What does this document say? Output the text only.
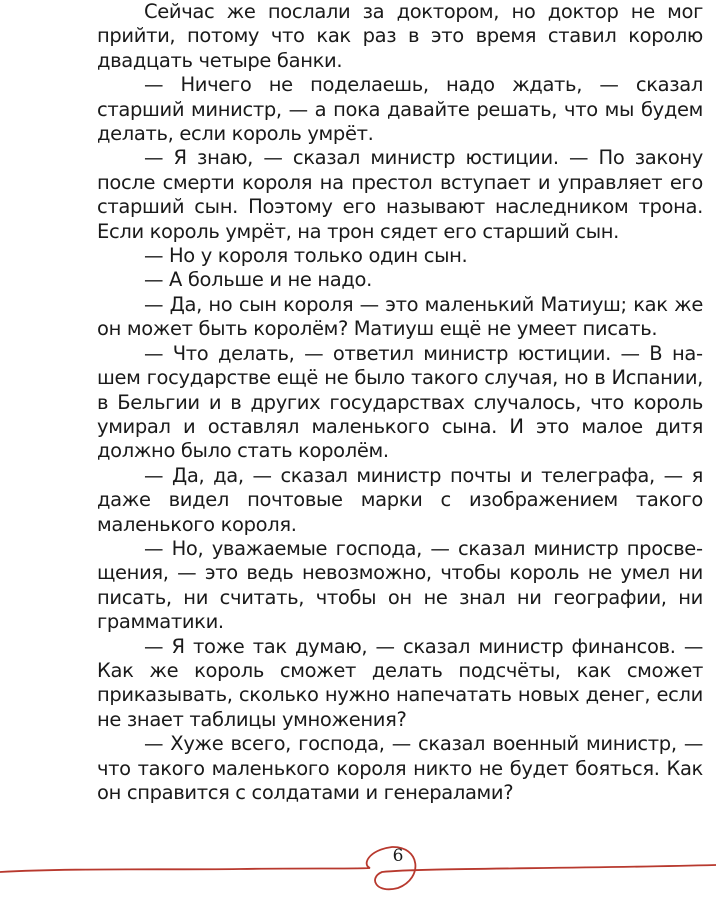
Сейчас же послали за доктором, но доктор не мог прийти, потому что как раз в это время ставил королю двадцать четыре банки.

— Ничего не поделаешь, надо ждать, — сказал старший министр, — а пока давайте решать, что мы будем делать, если король умрёт.

— Я знаю, — сказал министр юстиции. — По закону после смерти короля на престол вступает и управляет его старший сын. Поэтому его называют наследником трона. Если король умрёт, на трон сядет его старший сын.

— Но у короля только один сын.

— А больше и не надо.

— Да, но сын короля — это маленький Матиуш; как же он может быть королём? Матиуш ещё не умеет писать.

— Что делать, — ответил министр юстиции. — В нашем государстве ещё не было такого случая, но в Испании, в Бельгии и в других государствах случалось, что король умирал и оставлял маленького сына. И это малое дитя должно было стать королём.

— Да, да, — сказал министр почты и телеграфа, — я даже видел почтовые марки с изображением такого маленького короля.

— Но, уважаемые господа, — сказал министр просвещения, — это ведь невозможно, чтобы король не умел ни писать, ни считать, чтобы он не знал ни географии, ни грамматики.

— Я тоже так думаю, — сказал министр финансов. — Как же король сможет делать подсчёты, как сможет приказывать, сколько нужно напечатать новых денег, если не знает таблицы умножения?

— Хуже всего, господа, — сказал военный министр, — что такого маленького короля никто не будет бояться. Как он справится с солдатами и генералами?

6
